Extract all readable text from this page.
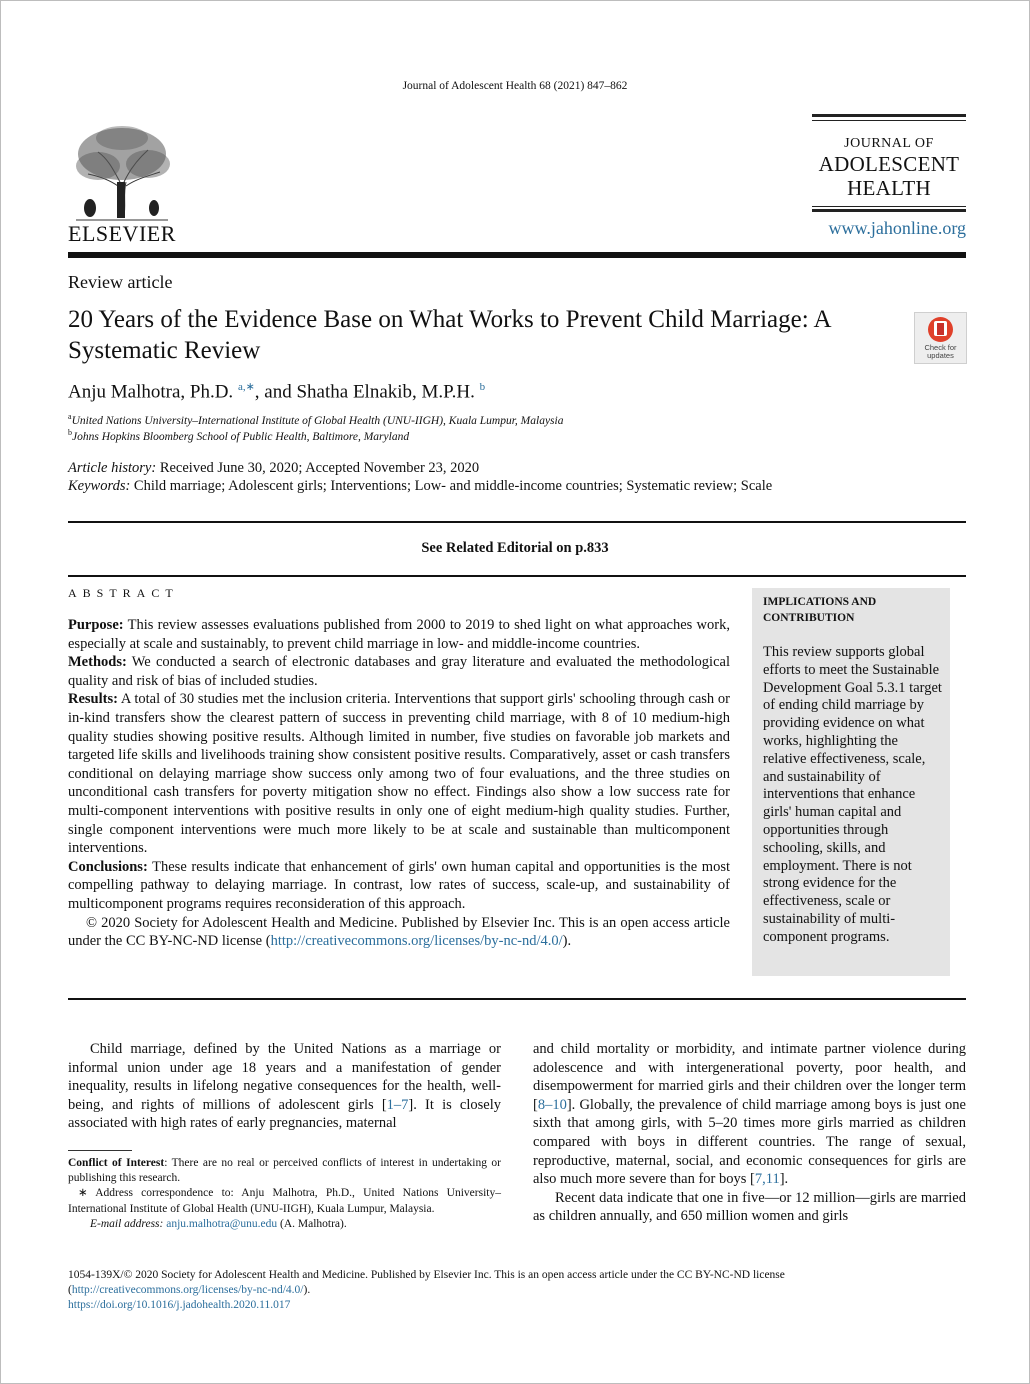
Journal of Adolescent Health 68 (2021) 847–862
ELSEVIER
JOURNAL OF
ADOLESCENT
HEALTH
www.jahonline.org
Review article
20 Years of the Evidence Base on What Works to Prevent Child Marriage: A Systematic Review	Check for updates
Anju Malhotra, Ph.D. $^{a,∗}$, and Shatha Elnakib, M.P.H. $^b$
$^a$United Nations University–International Institute of Global Health (UNU-IIGH), Kuala Lumpur, Malaysia
$^b$Johns Hopkins Bloomberg School of Public Health, Baltimore, Maryland
Article history: Received June 30, 2020; Accepted November 23, 2020
Keywords: Child marriage; Adolescent girls; Interventions; Low- and middle-income countries; Systematic review; Scale
See Related Editorial on p.833
ABSTRACT

Purpose: This review assesses evaluations published from 2000 to 2019 to shed light on what approaches work, especially at scale and sustainably, to prevent child marriage in low- and middle-income countries.

Methods: We conducted a search of electronic databases and gray literature and evaluated the methodological quality and risk of bias of included studies.

Results: A total of 30 studies met the inclusion criteria. Interventions that support girls' schooling through cash or in-kind transfers show the clearest pattern of success in preventing child marriage, with 8 of 10 medium-high quality studies showing positive results. Although limited in number, five studies on favorable job markets and targeted life skills and livelihoods training show consistent positive results. Comparatively, asset or cash transfers conditional on delaying marriage show success only among two of four evaluations, and the three studies on unconditional cash transfers for poverty mitigation show no effect. Findings also show a low success rate for multi-component interventions with positive results in only one of eight medium-high quality studies. Further, single component interventions were much more likely to be at scale and sustainable than multicomponent interventions.

Conclusions: These results indicate that enhancement of girls' own human capital and opportunities is the most compelling pathway to delaying marriage. In contrast, low rates of success, scale-up, and sustainability of multicomponent programs requires reconsideration of this approach.

© 2020 Society for Adolescent Health and Medicine. Published by Elsevier Inc. This is an open access article under the CC BY-NC-ND license (http://creativecommons.org/licenses/by-nc-nd/4.0/).

IMPLICATIONS AND CONTRIBUTION
This review supports global efforts to meet the Sustainable Development Goal 5.3.1 target of ending child marriage by providing evidence on what works, highlighting the relative effectiveness, scale, and sustainability of interventions that enhance girls' human capital and opportunities through schooling, skills, and employment. There is not strong evidence for the effectiveness, scale or sustainability of multi-component programs.

Child marriage, defined by the United Nations as a marriage or informal union under age 18 years and a manifestation of gender inequality, results in lifelong negative consequences for the health, well-being, and rights of millions of adolescent girls [1–7]. It is closely associated with high rates of early pregnancies, maternal

and child mortality or morbidity, and intimate partner violence during adolescence and with intergenerational poverty, poor health, and disempowerment for married girls and their children over the longer term [8–10]. Globally, the prevalence of child marriage among boys is just one sixth that among girls, with 5–20 times more girls married as children compared with boys in different countries. The range of sexual, reproductive, maternal, social, and economic consequences for girls are also much more severe than for boys [7,11].

Recent data indicate that one in five—or 12 million—girls are married as children annually, and 650 million women and girls

Conflict of Interest: There are no real or perceived conflicts of interest in undertaking or publishing this research.

∗ Address correspondence to: Anju Malhotra, Ph.D., United Nations University–International Institute of Global Health (UNU-IIGH), Kuala Lumpur, Malaysia.

E-mail address: anju.malhotra@unu.edu (A. Malhotra).

1054-139X/© 2020 Society for Adolescent Health and Medicine. Published by Elsevier Inc. This is an open access article under the CC BY-NC-ND license (http://creativecommons.org/licenses/by-nc-nd/4.0/).

https://doi.org/10.1016/j.jadohealth.2020.11.017
